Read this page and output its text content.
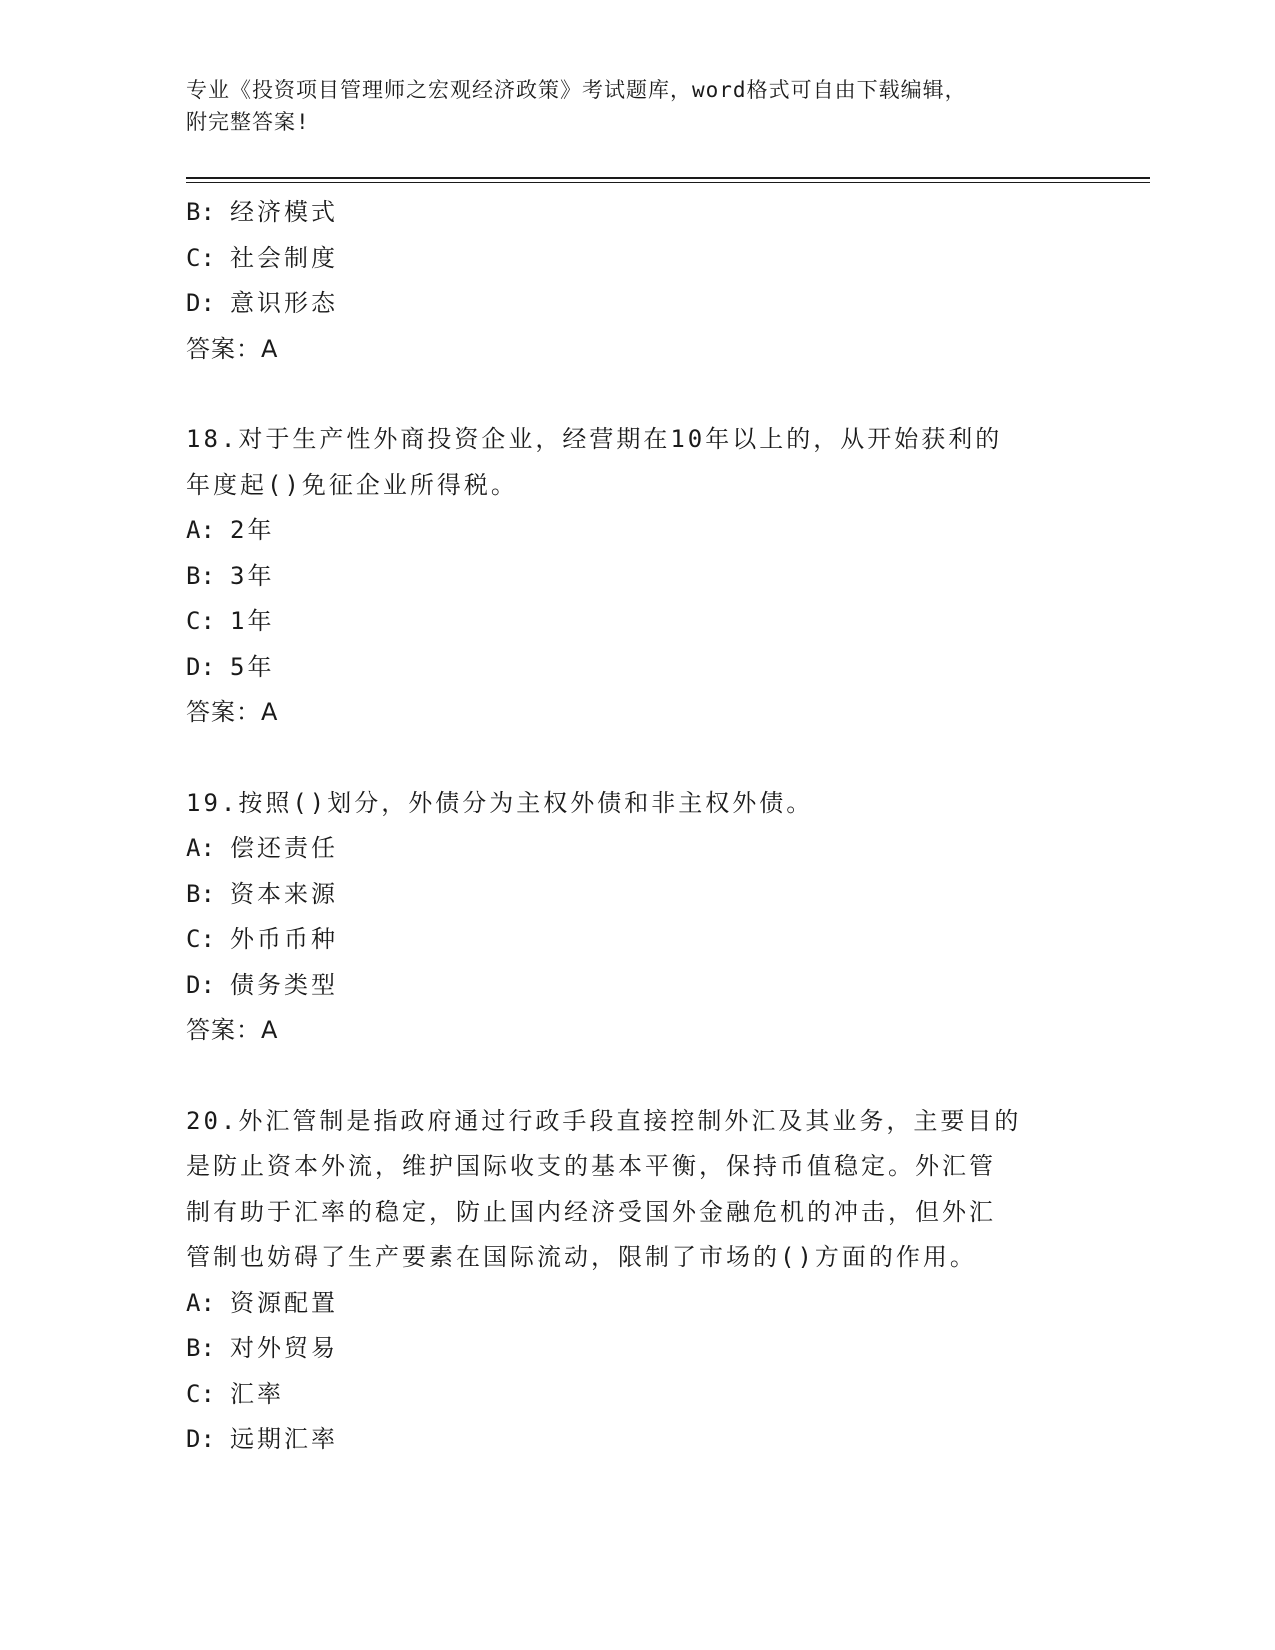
专业《投资项目管理师之宏观经济政策》考试题库，word格式可自由下载编辑，
附完整答案!
B: 经济模式
C: 社会制度
D: 意识形态
答案：A
18.对于生产性外商投资企业，经营期在10年以上的，从开始获利的
年度起()免征企业所得税。
A: 2年
B: 3年
C: 1年
D: 5年
答案：A
19.按照()划分，外债分为主权外债和非主权外债。
A: 偿还责任
B: 资本来源
C: 外币币种
D: 债务类型
答案：A
20.外汇管制是指政府通过行政手段直接控制外汇及其业务，主要目的
是防止资本外流，维护国际收支的基本平衡，保持币值稳定。外汇管
制有助于汇率的稳定，防止国内经济受国外金融危机的冲击，但外汇
管制也妨碍了生产要素在国际流动，限制了市场的()方面的作用。
A: 资源配置
B: 对外贸易
C: 汇率
D: 远期汇率
